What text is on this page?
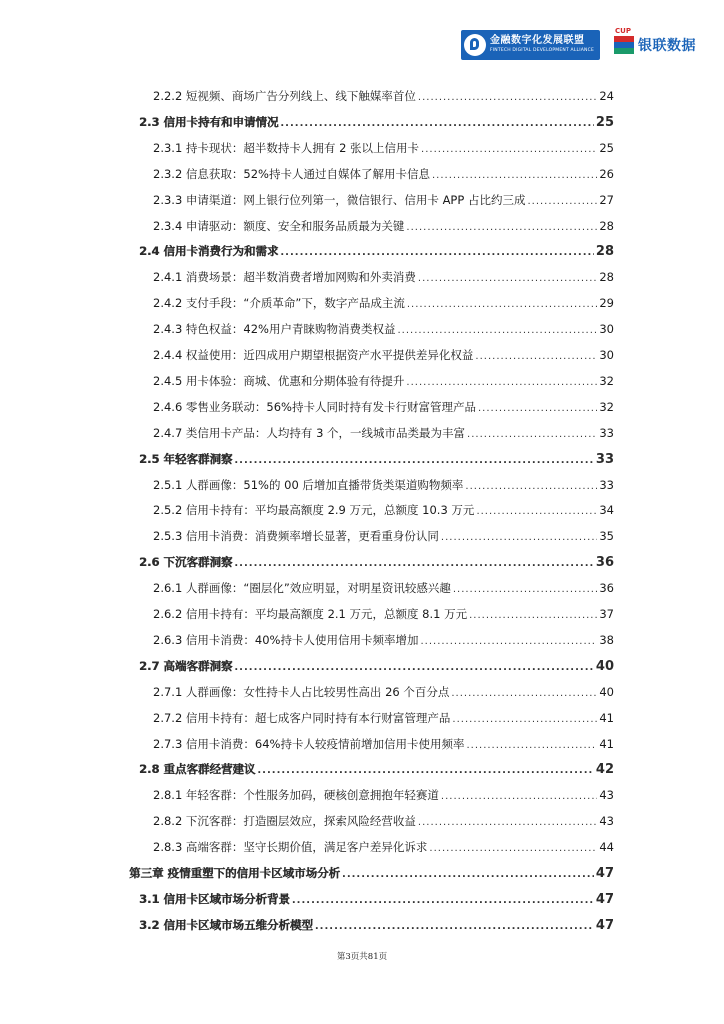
金融数字化发展联盟
FINTECH DIGITAL DEVELOPMENT ALLIANCE
CUP
银联数据
2.2.2 短视频、商场广告分列线上、线下触媒率首位 .....	24
2.3 信用卡持有和申请情况 .....	25
2.3.1 持卡现状：超半数持卡人拥有 2 张以上信用卡 .....	25
2.3.2 信息获取：52%持卡人通过自媒体了解用卡信息 .....	26
2.3.3 申请渠道：网上银行位列第一，微信银行、信用卡 APP 占比约三成 .....	27
2.3.4 申请驱动：额度、安全和服务品质最为关键 .....	28
2.4 信用卡消费行为和需求 .....	28
2.4.1 消费场景：超半数消费者增加网购和外卖消费 .....	28
2.4.2 支付手段：“介质革命”下，数字产品成主流 .....	29
2.4.3 特色权益：42%用户青睐购物消费类权益 .....	30
2.4.4 权益使用：近四成用户期望根据资产水平提供差异化权益 .....	30
2.4.5 用卡体验：商城、优惠和分期体验有待提升 .....	32
2.4.6 零售业务联动：56%持卡人同时持有发卡行财富管理产品 .....	32
2.4.7 类信用卡产品：人均持有 3 个，一线城市品类最为丰富 .....	33
2.5 年轻客群洞察 .....	33
2.5.1 人群画像：51%的 00 后增加直播带货类渠道购物频率 .....	33
2.5.2 信用卡持有：平均最高额度 2.9 万元，总额度 10.3 万元 .....	34
2.5.3 信用卡消费：消费频率增长显著，更看重身份认同 .....	35
2.6 下沉客群洞察 .....	36
2.6.1 人群画像：“圈层化”效应明显，对明星资讯较感兴趣 .....	36
2.6.2 信用卡持有：平均最高额度 2.1 万元，总额度 8.1 万元 .....	37
2.6.3 信用卡消费：40%持卡人使用信用卡频率增加 .....	38
2.7 高端客群洞察 .....	40
2.7.1 人群画像：女性持卡人占比较男性高出 26 个百分点 .....	40
2.7.2 信用卡持有：超七成客户同时持有本行财富管理产品 .....	41
2.7.3 信用卡消费：64%持卡人较疫情前增加信用卡使用频率 .....	41
2.8 重点客群经营建议 .....	42
2.8.1 年轻客群：个性服务加码，硬核创意拥抱年轻赛道 .....	43
2.8.2 下沉客群：打造圈层效应，探索风险经营收益 .....	43
2.8.3 高端客群：坚守长期价值，满足客户差异化诉求 .....	44
第三章 疫情重塑下的信用卡区域市场分析 .....	47
3.1 信用卡区域市场分析背景 .....	47
3.2 信用卡区域市场五维分析模型 .....	47
第3页共81页
